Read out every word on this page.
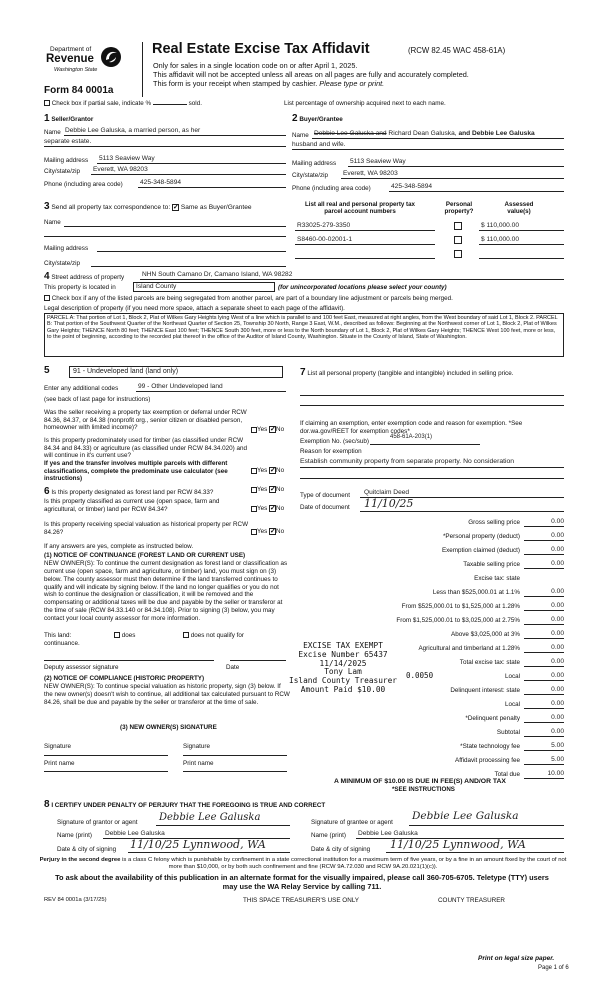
Department of
Revenue
Washington State
Form 84 0001a
Real Estate Excise Tax Affidavit	(RCW 82.45 WAC 458-61A)
Only for sales in a single location code on or after April 1, 2025.
This affidavit will not be accepted unless all areas on all pages are fully and accurately completed.
This form is your receipt when stamped by cashier. Please type or print.
Check box if partial sale, indicate %	sold.	List percentage of ownership acquired next to each name.
1 Seller/Grantor
Name Debbie Lee Galuska, a married person, as her
separate estate.
Mailing address 5113 Seaview Way
City/state/zip Everett, WA 98203
Phone (including area code)	425-348-5894
2 Buyer/Grantee
Name Debbie Lee Galuska and Richard Dean Galuska, and Debbie Lee Galuska
husband and wife.
Mailing address 5113 Seaview Way
City/state/zip Everett, WA 98203
Phone (including area code)	425-348-5894
3 Send all property tax correspondence to: ✓ Same as Buyer/Grantee
Name
Mailing address
City/state/zip
List all real and personal property tax parcel account numbers
Personal property?
Assessed value(s)
R33025-279-3350	$ 110,000.00
S8460-00-02001-1	$ 110,000.00
4 Street address of property	NHN South Camano Dr, Camano Island, WA 98282
This property is located in	Island County	(for unincorporated locations please select your county)
Check box if any of the listed parcels are being segregated from another parcel, are part of a boundary line adjustment or parcels being merged.
Legal description of property (if you need more space, attach a separate sheet to each page of the affidavit).
PARCEL A: That portion of Lot 1, Block 2, Plat of Wilkes Gary Heights lying West of a line which is parallel to and 100 feet East, measured at right angles, from the West boundary of said Lot 1, Block 2. PARCEL B: That portion of the Southwest Quarter of the Northeast Quarter of Section 25, Township 30 North, Range 3 East, W.M., described as follows: Beginning at the Northwest corner of Lot 1, Block 2, Plat of Wilkes Gary Heights; THENCE North 80 feet; THENCE East 100 feet; THENCE South 300 feet, more or less to the North boundary of Lot 1, Block 2, Plat of Wilkes Gary Heights; THENCE West 100 feet, more or less, to the point of beginning, according to the recorded plat thereof in the office of the Auditor of Island County, Washington. Situate in the County of Island, State of Washington.
5	91 - Undeveloped land (land only)
Enter any additional codes	99 - Other Undeveloped land
(see back of last page for instructions)
Was the seller receiving a property tax exemption or deferral under RCW 84.36, 84.37, or 84.38 (nonprofit org., senior citizen or disabled person, homeowner with limited income)?	Yes ✓No
Is this property predominately used for timber (as classified under RCW 84.34 and 84.33) or agriculture (as classified under RCW 84.34.020) and will continue in it's current use?
If yes and the transfer involves multiple parcels with different classifications, complete the predominate use calculator (see instructions)
Yes ✓No
7 List all personal property (tangible and intangible) included in selling price.
If claiming an exemption, enter exemption code and reason for exemption. *See dor.wa.gov/REET for exemption codes*
Exemption No. (sec/sub)
458-61A-203(1)
Reason for exemption
Establish community property from separate property. No consideration
Type of document Quitclaim Deed
Date of document 11/10/25
6 Is this property designated as forest land per RCW 84.33?	Yes ✓No
Is this property classified as current use (open space, farm and agricultural, or timber) land per RCW 84.34?	Yes ✓No
Is this property receiving special valuation as historical property per RCW 84.26?	Yes ✓No
If any answers are yes, complete as instructed below.
(1) NOTICE OF CONTINUANCE (FOREST LAND OR CURRENT USE)
NEW OWNER(S): To continue the current designation as forest land or classification as current use (open space, farm and agriculture, or timber) land, you must sign on (3) below. The county assessor must then determine if the land transferred continues to qualify and will indicate by signing below. If the land no longer qualifies or you do not wish to continue the designation or classification, it will be removed and the compensating or additional taxes will be due and payable by the seller or transferor at the time of sale (RCW 84.33.140 or 84.34.108). Prior to signing (3) below, you may contact your local county assessor for more information.
This land:
continuance.
does	does not qualify for
Deputy assessor signature	Date
(2) NOTICE OF COMPLIANCE (HISTORIC PROPERTY)
NEW OWNER(S): To continue special valuation as historic property, sign (3) below. If the new owner(s) doesn't wish to continue, all additional tax calculated pursuant to RCW 84.26, shall be due and payable by the seller or transferor at the time of sale.
(3) NEW OWNER(S) SIGNATURE
Signature	Signature
Print name	Print name
Gross selling price	0.00
*Personal property (deduct)	0.00
Exemption claimed (deduct)	0.00
Taxable selling price	0.00
Excise tax: state
Less than $525,000.01 at 1.1%	0.00
From $525,000.01 to $1,525,000 at 1.28%	0.00
From $1,525,000.01 to $3,025,000 at 2.75%	0.00
Above $3,025,000 at 3%	0.00
Agricultural and timberland at 1.28%	0.00
Total excise tax: state	0.00
Local	0.00
Delinquent interest: state	0.00
Local	0.00
*Delinquent penalty	0.00
Subtotal	0.00
*State technology fee	5.00
Affidavit processing fee	5.00
Total due	10.00
EXCISE TAX EXEMPT
Excise Number 65437
11/14/2025
Tony Lam
Island County Treasurer
Amount Paid $10.00
0.0050
A MINIMUM OF $10.00 IS DUE IN FEE(S) AND/OR TAX
*SEE INSTRUCTIONS
8 I CERTIFY UNDER PENALTY OF PERJURY THAT THE FOREGOING IS TRUE AND CORRECT
Signature of grantor or agent Debbie Lee Galuska
Name (print) Debbie Lee Galuska
Date & city of signing 11/10/25 Lynnwood, WA
Signature of grantee or agent
Debbie Lee Galuska
Name (print) Debbie Lee Galuska
Date & city of signing 11/10/25 Lynnwood, WA
Perjury in the second degree is a class C felony which is punishable by confinement in a state correctional institution for a maximum term of five years, or by a fine in an amount fixed by the court of not more than $10,000, or by both such confinement and fine (RCW 9A.72.030 and RCW 9A.20.021(1)(c)).
To ask about the availability of this publication in an alternate format for the visually impaired, please call 360-705-6705. Teletype (TTY) users may use the WA Relay Service by calling 711.
REV 84 0001a (3/17/25)	THIS SPACE TREASURER'S USE ONLY	COUNTY TREASURER
Print on legal size paper.
Page 1 of 6
